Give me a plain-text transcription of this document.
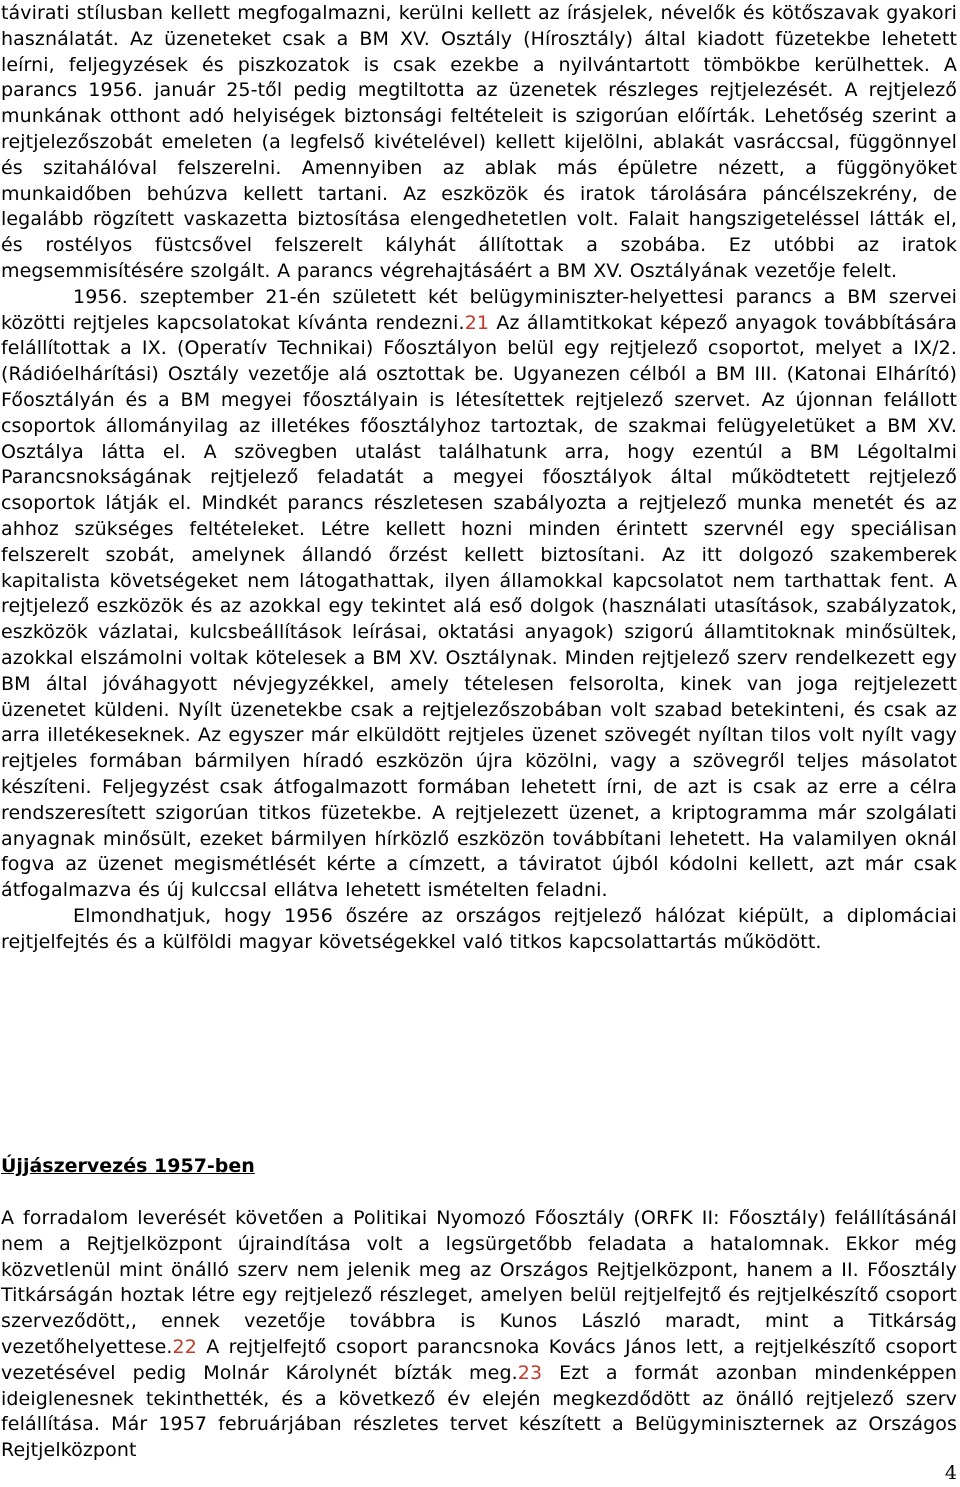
távirati stílusban kellett megfogalmazni, kerülni kellett az írásjelek, névelők és kötőszavak gyakori használatát. Az üzeneteket csak a BM XV. Osztály (Hírosztály) által kiadott füzetekbe lehetett leírni, feljegyzések és piszkozatok is csak ezekbe a nyilvántartott tömbökbe kerülhettek. A parancs 1956. január 25-től pedig megtiltotta az üzenetek részleges rejtjelezését. A rejtjelező munkának otthont adó helyiségek biztonsági feltételeit is szigorúan előírták. Lehetőség szerint a rejtjelezőszobát emeleten (a legfelső kivételével) kellett kijelölni, ablakát vasráccsal, függönnyel és szitahálóval felszerelni. Amennyiben az ablak más épületre nézett, a függönyöket munkaidőben behúzva kellett tartani. Az eszközök és iratok tárolására páncélszekrény, de legalább rögzített vaskazetta biztosítása elengedhetetlen volt. Falait hangszigeteléssel látták el, és rostélyos füstcsővel felszerelt kályhát állítottak a szobába. Ez utóbbi az iratok megsemmisítésére szolgált. A parancs végrehajtásáért a BM XV. Osztályának vezetője felelt.

1956. szeptember 21-én született két belügyminiszter-helyettesi parancs a BM szervei közötti rejtjeles kapcsolatokat kívánta rendezni.21 Az államtitkokat képező anyagok továbbítására felállítottak a IX. (Operatív Technikai) Főosztályon belül egy rejtjelező csoportot, melyet a IX/2. (Rádióelhárítási) Osztály vezetője alá osztottak be. Ugyanezen célból a BM III. (Katonai Elhárító) Főosztályán és a BM megyei főosztályain is létesítettek rejtjelező szervet. Az újonnan felállott csoportok állományilag az illetékes főosztályhoz tartoztak, de szakmai felügyeletüket a BM XV. Osztálya látta el. A szövegben utalást találhatunk arra, hogy ezentúl a BM Légoltalmi Parancsnokságának rejtjelező feladatát a megyei főosztályok által működtetett rejtjelező csoportok látják el. Mindkét parancs részletesen szabályozta a rejtjelező munka menetét és az ahhoz szükséges feltételeket. Létre kellett hozni minden érintett szervnél egy speciálisan felszerelt szobát, amelynek állandó őrzést kellett biztosítani. Az itt dolgozó szakemberek kapitalista követségeket nem látogathattak, ilyen államokkal kapcsolatot nem tarthattak fent. A rejtjelező eszközök és az azokkal egy tekintet alá eső dolgok (használati utasítások, szabályzatok, eszközök vázlatai, kulcsbeállítások leírásai, oktatási anyagok) szigorú államtitoknak minősültek, azokkal elszámolni voltak kötelesek a BM XV. Osztálynak. Minden rejtjelező szerv rendelkezett egy BM által jóváhagyott névjegyzékkel, amely tételesen felsorolta, kinek van joga rejtjelezett üzenetet küldeni. Nyílt üzenetekbe csak a rejtjelezőszobában volt szabad betekinteni, és csak az arra illetékeseknek. Az egyszer már elküldött rejtjeles üzenet szövegét nyíltan tilos volt nyílt vagy rejtjeles formában bármilyen híradó eszközön újra közölni, vagy a szövegről teljes másolatot készíteni. Feljegyzést csak átfogalmazott formában lehetett írni, de azt is csak az erre a célra rendszeresített szigorúan titkos füzetekbe. A rejtjelezett üzenet, a kriptogramma már szolgálati anyagnak minősült, ezeket bármilyen hírközlő eszközön továbbítani lehetett. Ha valamilyen oknál fogva az üzenet megismétlését kérte a címzett, a táviratot újból kódolni kellett, azt már csak átfogalmazva és új kulccsal ellátva lehetett ismételten feladni.

Elmondhatjuk, hogy 1956 őszére az országos rejtjelező hálózat kiépült, a diplomáciai rejtjelfejtés és a külföldi magyar követségekkel való titkos kapcsolattartás működött.

Újjászervezés 1957-ben

A forradalom leverését követően a Politikai Nyomozó Főosztály (ORFK II: Főosztály) felállításánál nem a Rejtjelközpont újraindítása volt a legsürgetőbb feladata a hatalomnak. Ekkor még közvetlenül mint önálló szerv nem jelenik meg az Országos Rejtjelközpont, hanem a II. Főosztály Titkárságán hoztak létre egy rejtjelező részleget, amelyen belül rejtjelfejtő és rejtjelkészítő csoport szerveződött,, ennek vezetője továbbra is Kunos László maradt, mint a Titkárság vezetőhelyettese.22 A rejtjelfejtő csoport parancsnoka Kovács János lett, a rejtjelkészítő csoport vezetésével pedig Molnár Károlynét bízták meg.23 Ezt a formát azonban mindenképpen ideiglenesnek tekinthették, és a következő év elején megkezdődött az önálló rejtjelező szerv felállítása. Már 1957 februárjában részletes tervet készített a Belügyminiszternek az Országos Rejtjelközpont

4
